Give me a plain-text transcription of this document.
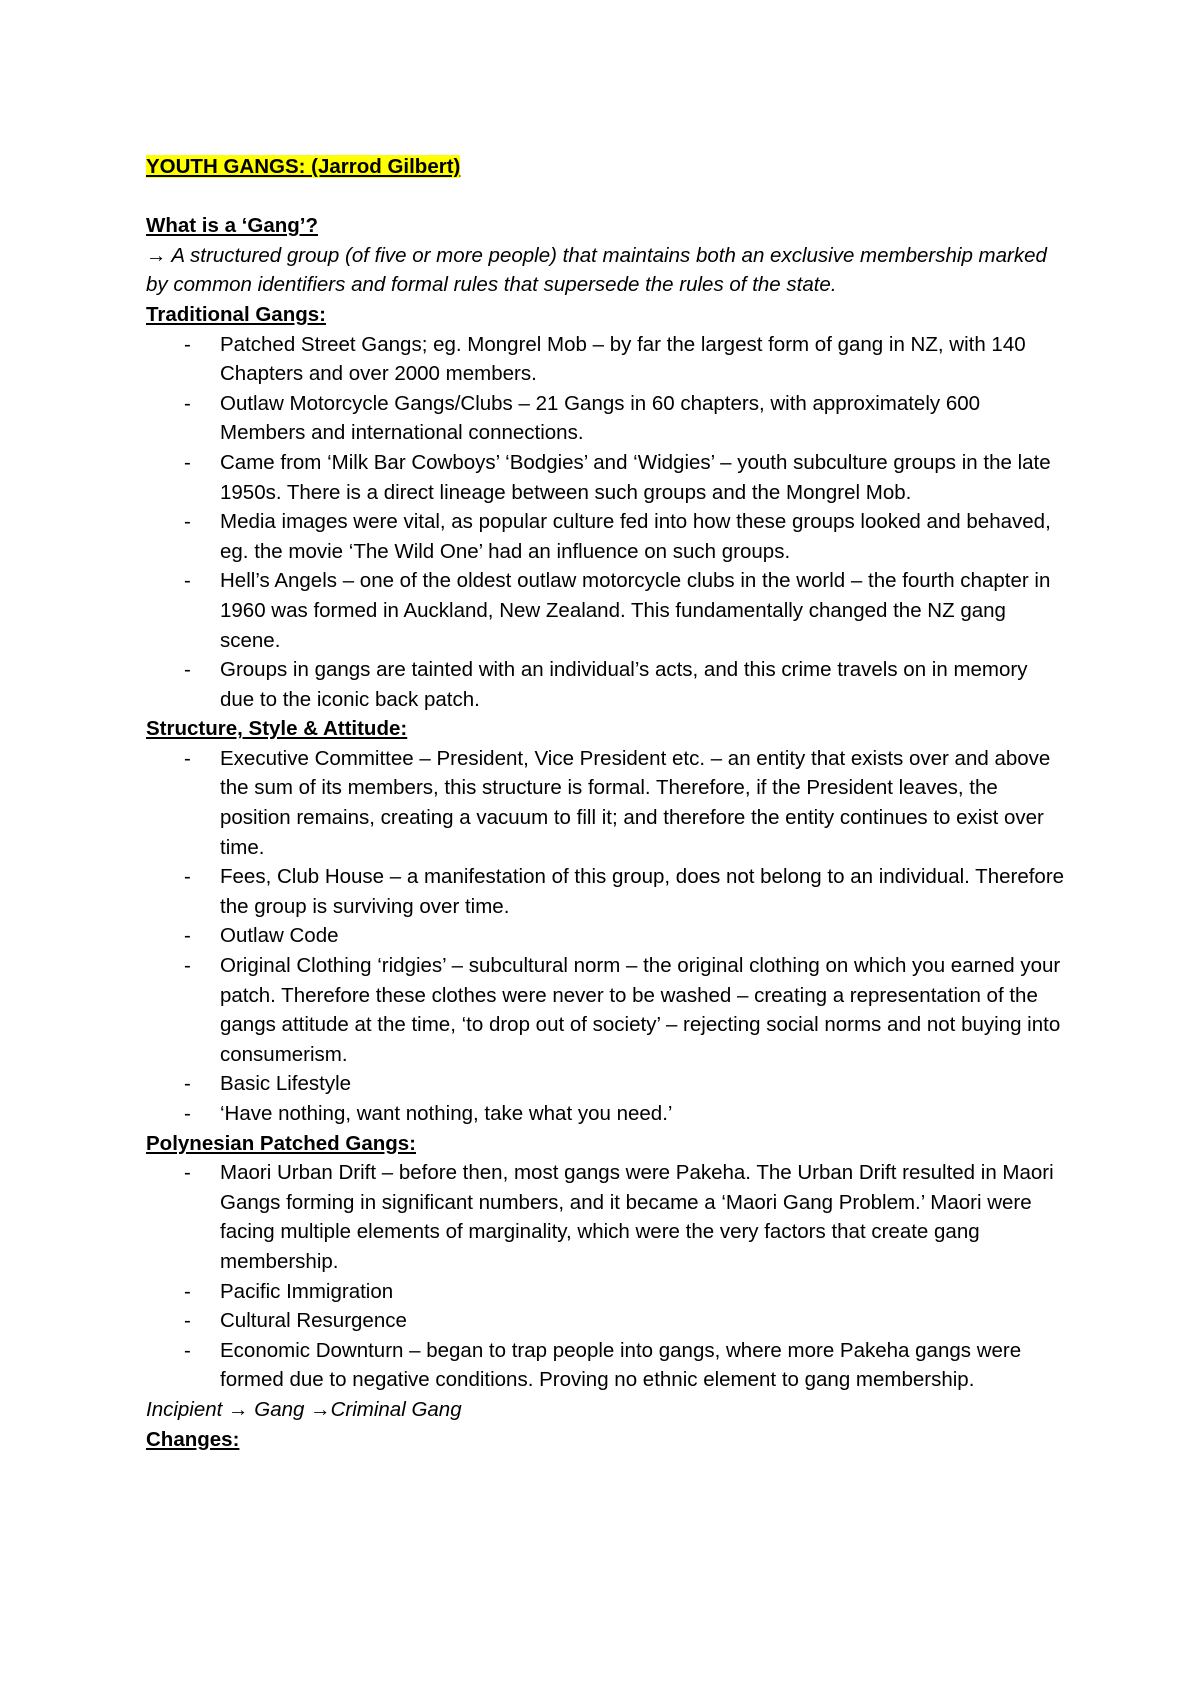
YOUTH GANGS: (Jarrod Gilbert)

What is a ‘Gang’?

→ A structured group (of five or more people) that maintains both an exclusive membership marked by common identifiers and formal rules that supersede the rules of the state.

Traditional Gangs:

- Patched Street Gangs; eg. Mongrel Mob – by far the largest form of gang in NZ, with 140 Chapters and over 2000 members.
- Outlaw Motorcycle Gangs/Clubs – 21 Gangs in 60 chapters, with approximately 600 Members and international connections.
- Came from ‘Milk Bar Cowboys’ ‘Bodgies’ and ‘Widgies’ – youth subculture groups in the late 1950s. There is a direct lineage between such groups and the Mongrel Mob.
- Media images were vital, as popular culture fed into how these groups looked and behaved, eg. the movie ‘The Wild One’ had an influence on such groups.
- Hell’s Angels – one of the oldest outlaw motorcycle clubs in the world – the fourth chapter in 1960 was formed in Auckland, New Zealand. This fundamentally changed the NZ gang scene.
- Groups in gangs are tainted with an individual’s acts, and this crime travels on in memory due to the iconic back patch.

Structure, Style & Attitude:

- Executive Committee – President, Vice President etc. – an entity that exists over and above the sum of its members, this structure is formal. Therefore, if the President leaves, the position remains, creating a vacuum to fill it; and therefore the entity continues to exist over time.
- Fees, Club House – a manifestation of this group, does not belong to an individual. Therefore the group is surviving over time.
- Outlaw Code
- Original Clothing ‘ridgies’ – subcultural norm – the original clothing on which you earned your patch. Therefore these clothes were never to be washed – creating a representation of the gangs attitude at the time, ‘to drop out of society’ – rejecting social norms and not buying into consumerism.
- Basic Lifestyle
- ‘Have nothing, want nothing, take what you need.’

Polynesian Patched Gangs:

- Maori Urban Drift – before then, most gangs were Pakeha. The Urban Drift resulted in Maori Gangs forming in significant numbers, and it became a ‘Maori Gang Problem.’ Maori were facing multiple elements of marginality, which were the very factors that create gang membership.
- Pacific Immigration
- Cultural Resurgence
- Economic Downturn – began to trap people into gangs, where more Pakeha gangs were formed due to negative conditions. Proving no ethnic element to gang membership.

Incipient → Gang →Criminal Gang

Changes:
